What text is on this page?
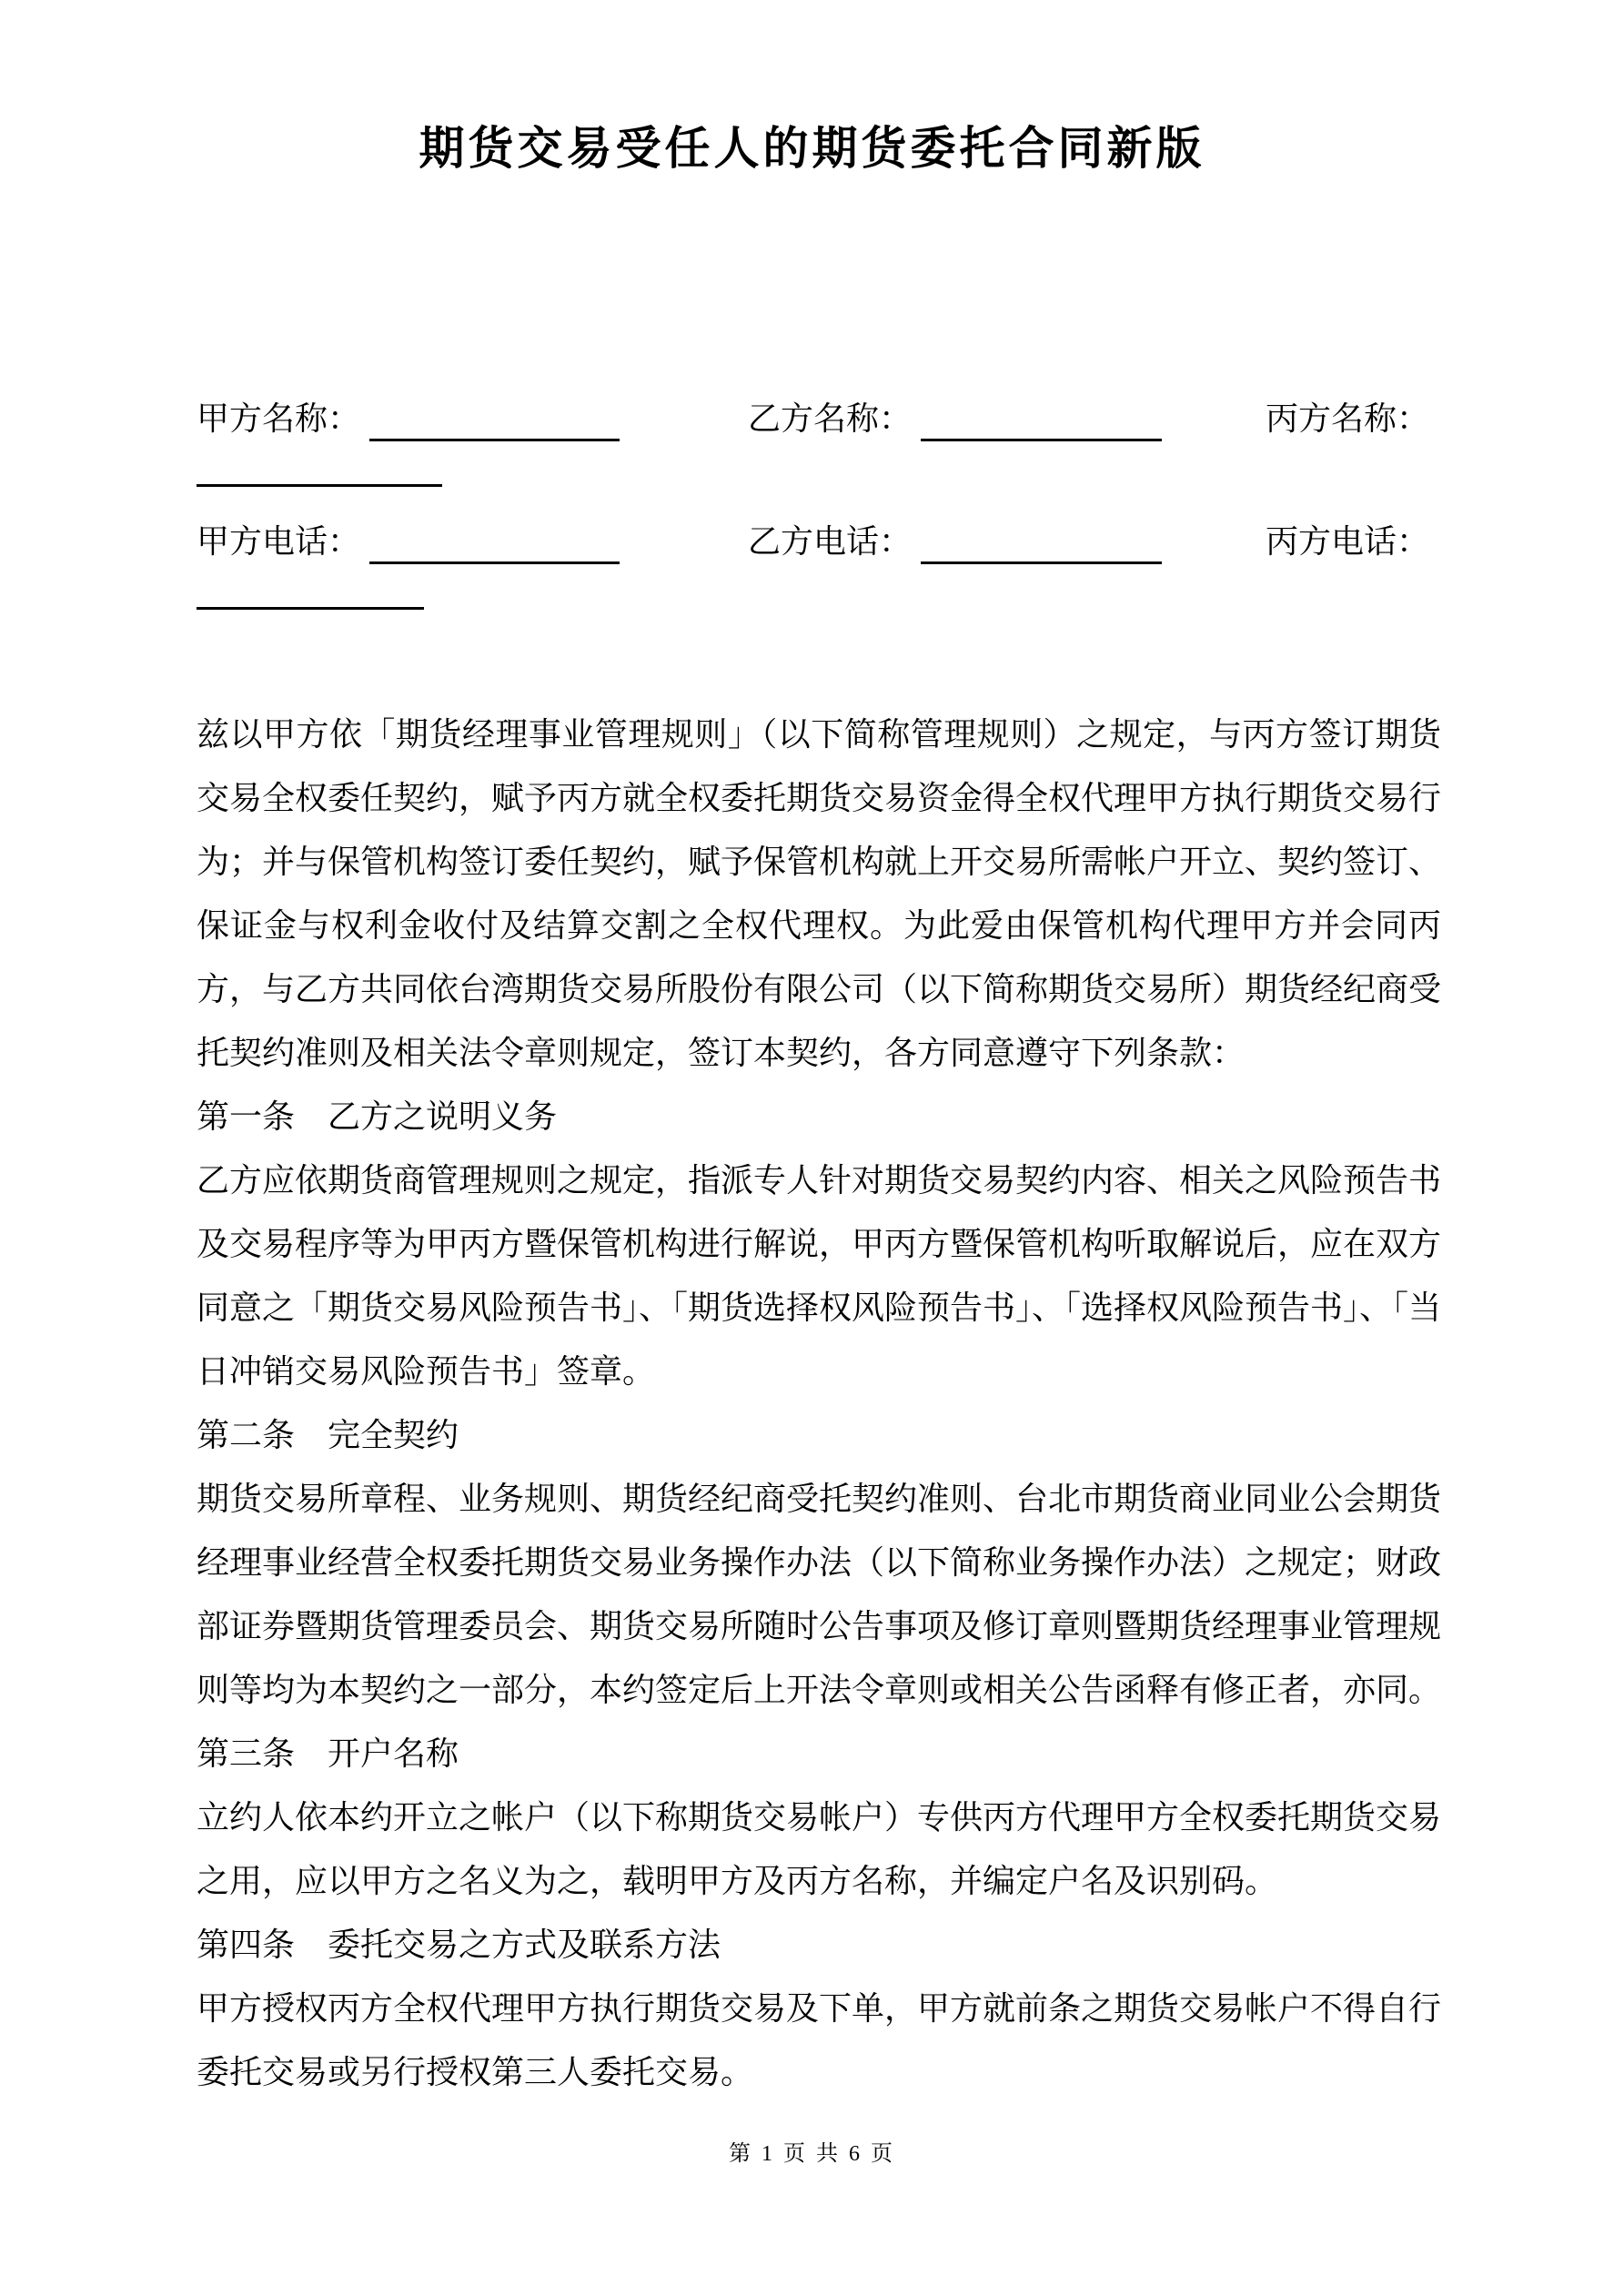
期货交易受任人的期货委托合同新版
甲方名称：	乙方名称：	丙方名称：
甲方电话：	乙方电话：	丙方电话：

兹以甲方依「期货经理事业管理规则」（以下简称管理规则）之规定，与丙方签订期货交易全权委任契约，赋予丙方就全权委托期货交易资金得全权代理甲方执行期货交易行为；并与保管机构签订委任契约，赋予保管机构就上开交易所需帐户开立、契约签订、保证金与权利金收付及结算交割之全权代理权。为此爱由保管机构代理甲方并会同丙方，与乙方共同依台湾期货交易所股份有限公司（以下简称期货交易所）期货经纪商受托契约准则及相关法令章则规定，签订本契约，各方同意遵守下列条款：

第一条　乙方之说明义务

乙方应依期货商管理规则之规定，指派专人针对期货交易契约内容、相关之风险预告书及交易程序等为甲丙方暨保管机构进行解说，甲丙方暨保管机构听取解说后，应在双方同意之「期货交易风险预告书」、「期货选择权风险预告书」、「选择权风险预告书」、「当日冲销交易风险预告书」签章。

第二条　完全契约

期货交易所章程、业务规则、期货经纪商受托契约准则、台北市期货商业同业公会期货经理事业经营全权委托期货交易业务操作办法（以下简称业务操作办法）之规定；财政部证券暨期货管理委员会、期货交易所随时公告事项及修订章则暨期货经理事业管理规则等均为本契约之一部分，本约签定后上开法令章则或相关公告函释有修正者，亦同。

第三条　开户名称

立约人依本约开立之帐户（以下称期货交易帐户）专供丙方代理甲方全权委托期货交易之用，应以甲方之名义为之，载明甲方及丙方名称，并编定户名及识别码。

第四条　委托交易之方式及联系方法

甲方授权丙方全权代理甲方执行期货交易及下单，甲方就前条之期货交易帐户不得自行委托交易或另行授权第三人委托交易。

第 1 页 共 6 页
